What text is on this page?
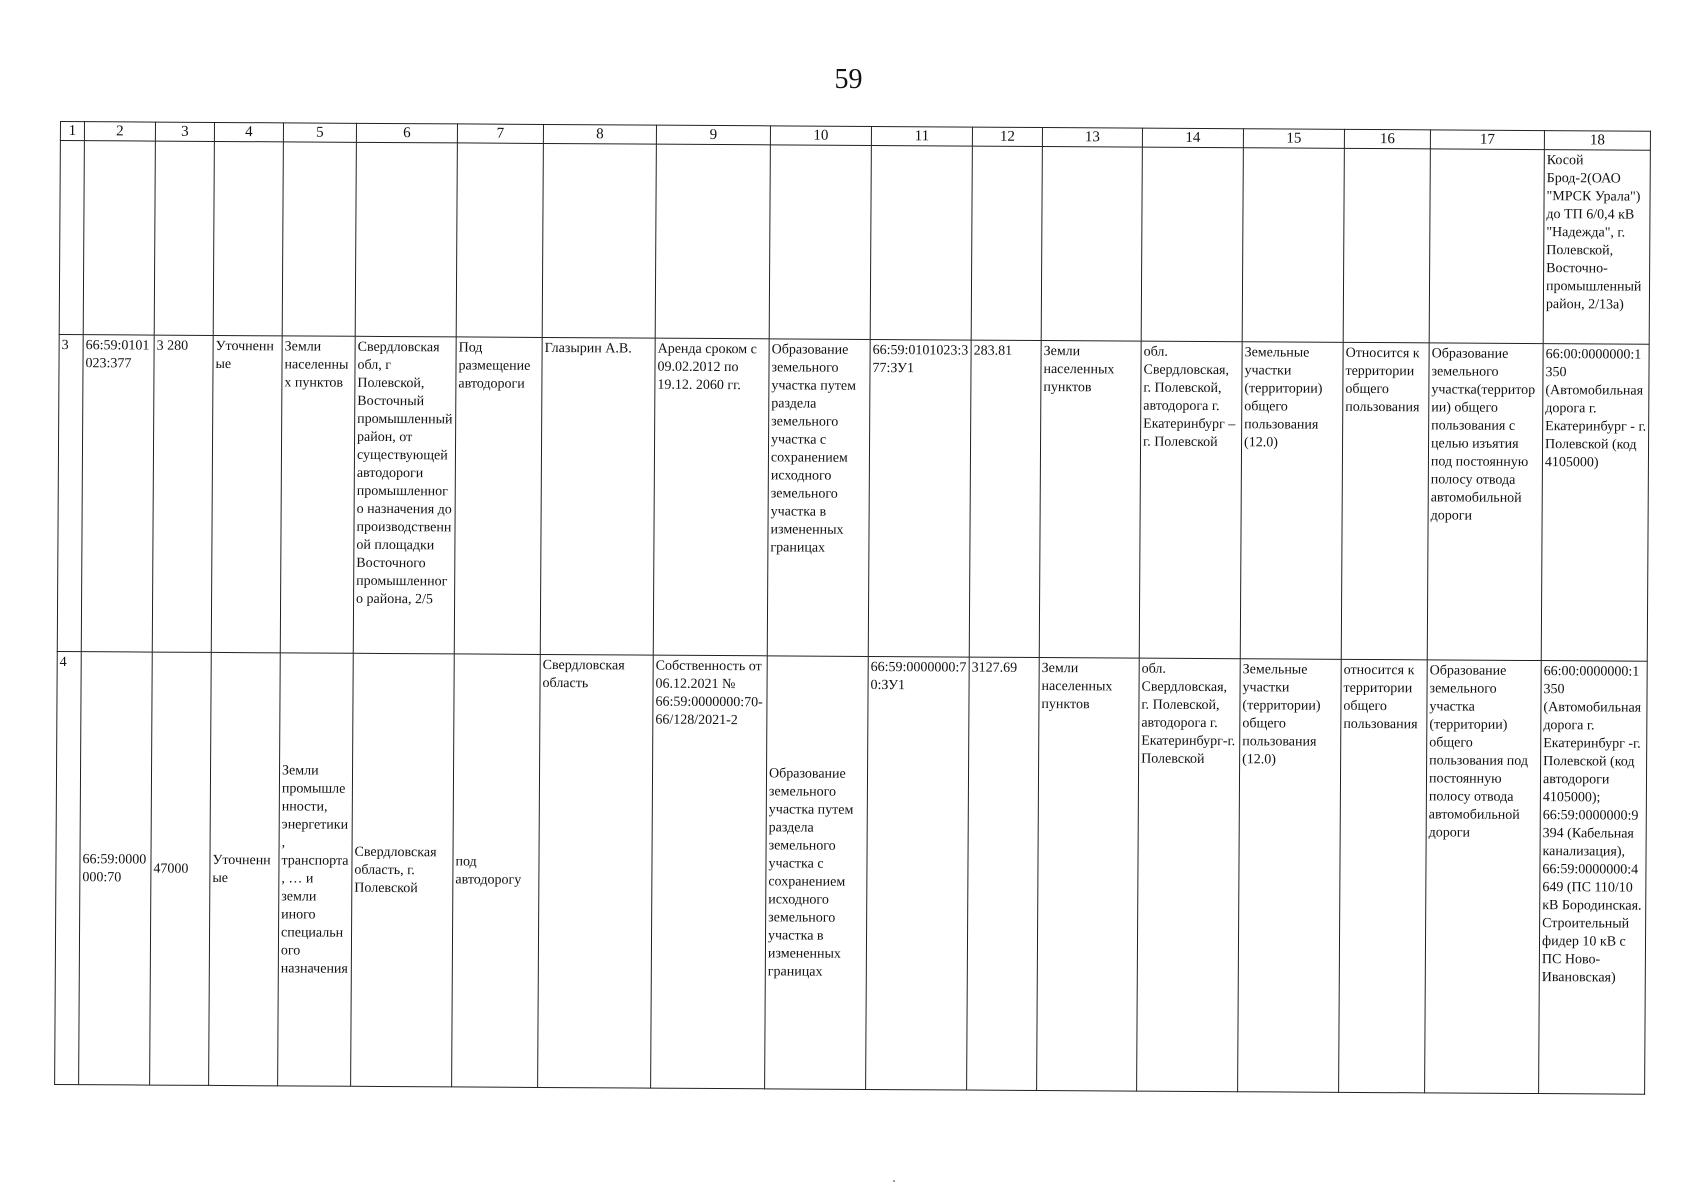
59
1	2	3	4	5	6	7	8	9	10	11	12	13	14	15	16	17	18
																	Косой Брод-2(ОАО "МРСК Урала") до ТП 6/0,4 кВ "Надежда", г. Полевской, Восточно-промышленный район, 2/13а)
3	66:59:0101023:377	3 280	Уточненные	Земли населенных пунктов	Свердловская обл, г Полевской, Восточный промышленный район, от существующей автодороги промышленного назначения до производственной площадки Восточного промышленного района, 2/5	Под размещение автодороги	Глазырин А.В.	Аренда сроком с 09.02.2012 по 19.12. 2060 гг.	Образование земельного участка путем раздела земельного участка с сохранением исходного земельного участка в измененных границах	66:59:0101023:377:ЗУ1	283.81	Земли населенных пунктов	обл. Свердловская, г. Полевской, автодорога г. Екатеринбург – г. Полевской	Земельные участки (территории) общего пользования (12.0)	Относится к территории общего пользования	Образование земельного участка(территории) общего пользования с целью изъятия под постоянную полосу отвода автомобильной дороги	66:00:0000000:1350 (Автомобильная дорога г. Екатеринбург - г. Полевской (код 4105000)
4	66:59:0000000:70	47000	Уточненные	Земли промышленности, энергетики, транспорта, … и земли иного специального назначения	Свердловская область, г. Полевской	под автодорогу	Свердловская область	Собственность от 06.12.2021 № 66:59:0000000:70-66/128/2021-2	Образование земельного участка путем раздела земельного участка с сохранением исходного земельного участка в измененных границах	66:59:0000000:70:ЗУ1	3127.69	Земли населенных пунктов	обл. Свердловская, г. Полевской, автодорога г. Екатеринбург-г. Полевской	Земельные участки (территории) общего пользования (12.0)	относится к территории общего пользования	Образование земельного участка (территории) общего пользования под постоянную полосу отвода автомобильной дороги	66:00:0000000:1350 (Автомобильная дорога г. Екатеринбург -г. Полевской (код автодороги 4105000); 66:59:0000000:9394 (Кабельная канализация), 66:59:0000000:4649 (ПС 110/10 кВ Бородинская. Строительный фидер 10 кВ с ПС Ново-Ивановская)
